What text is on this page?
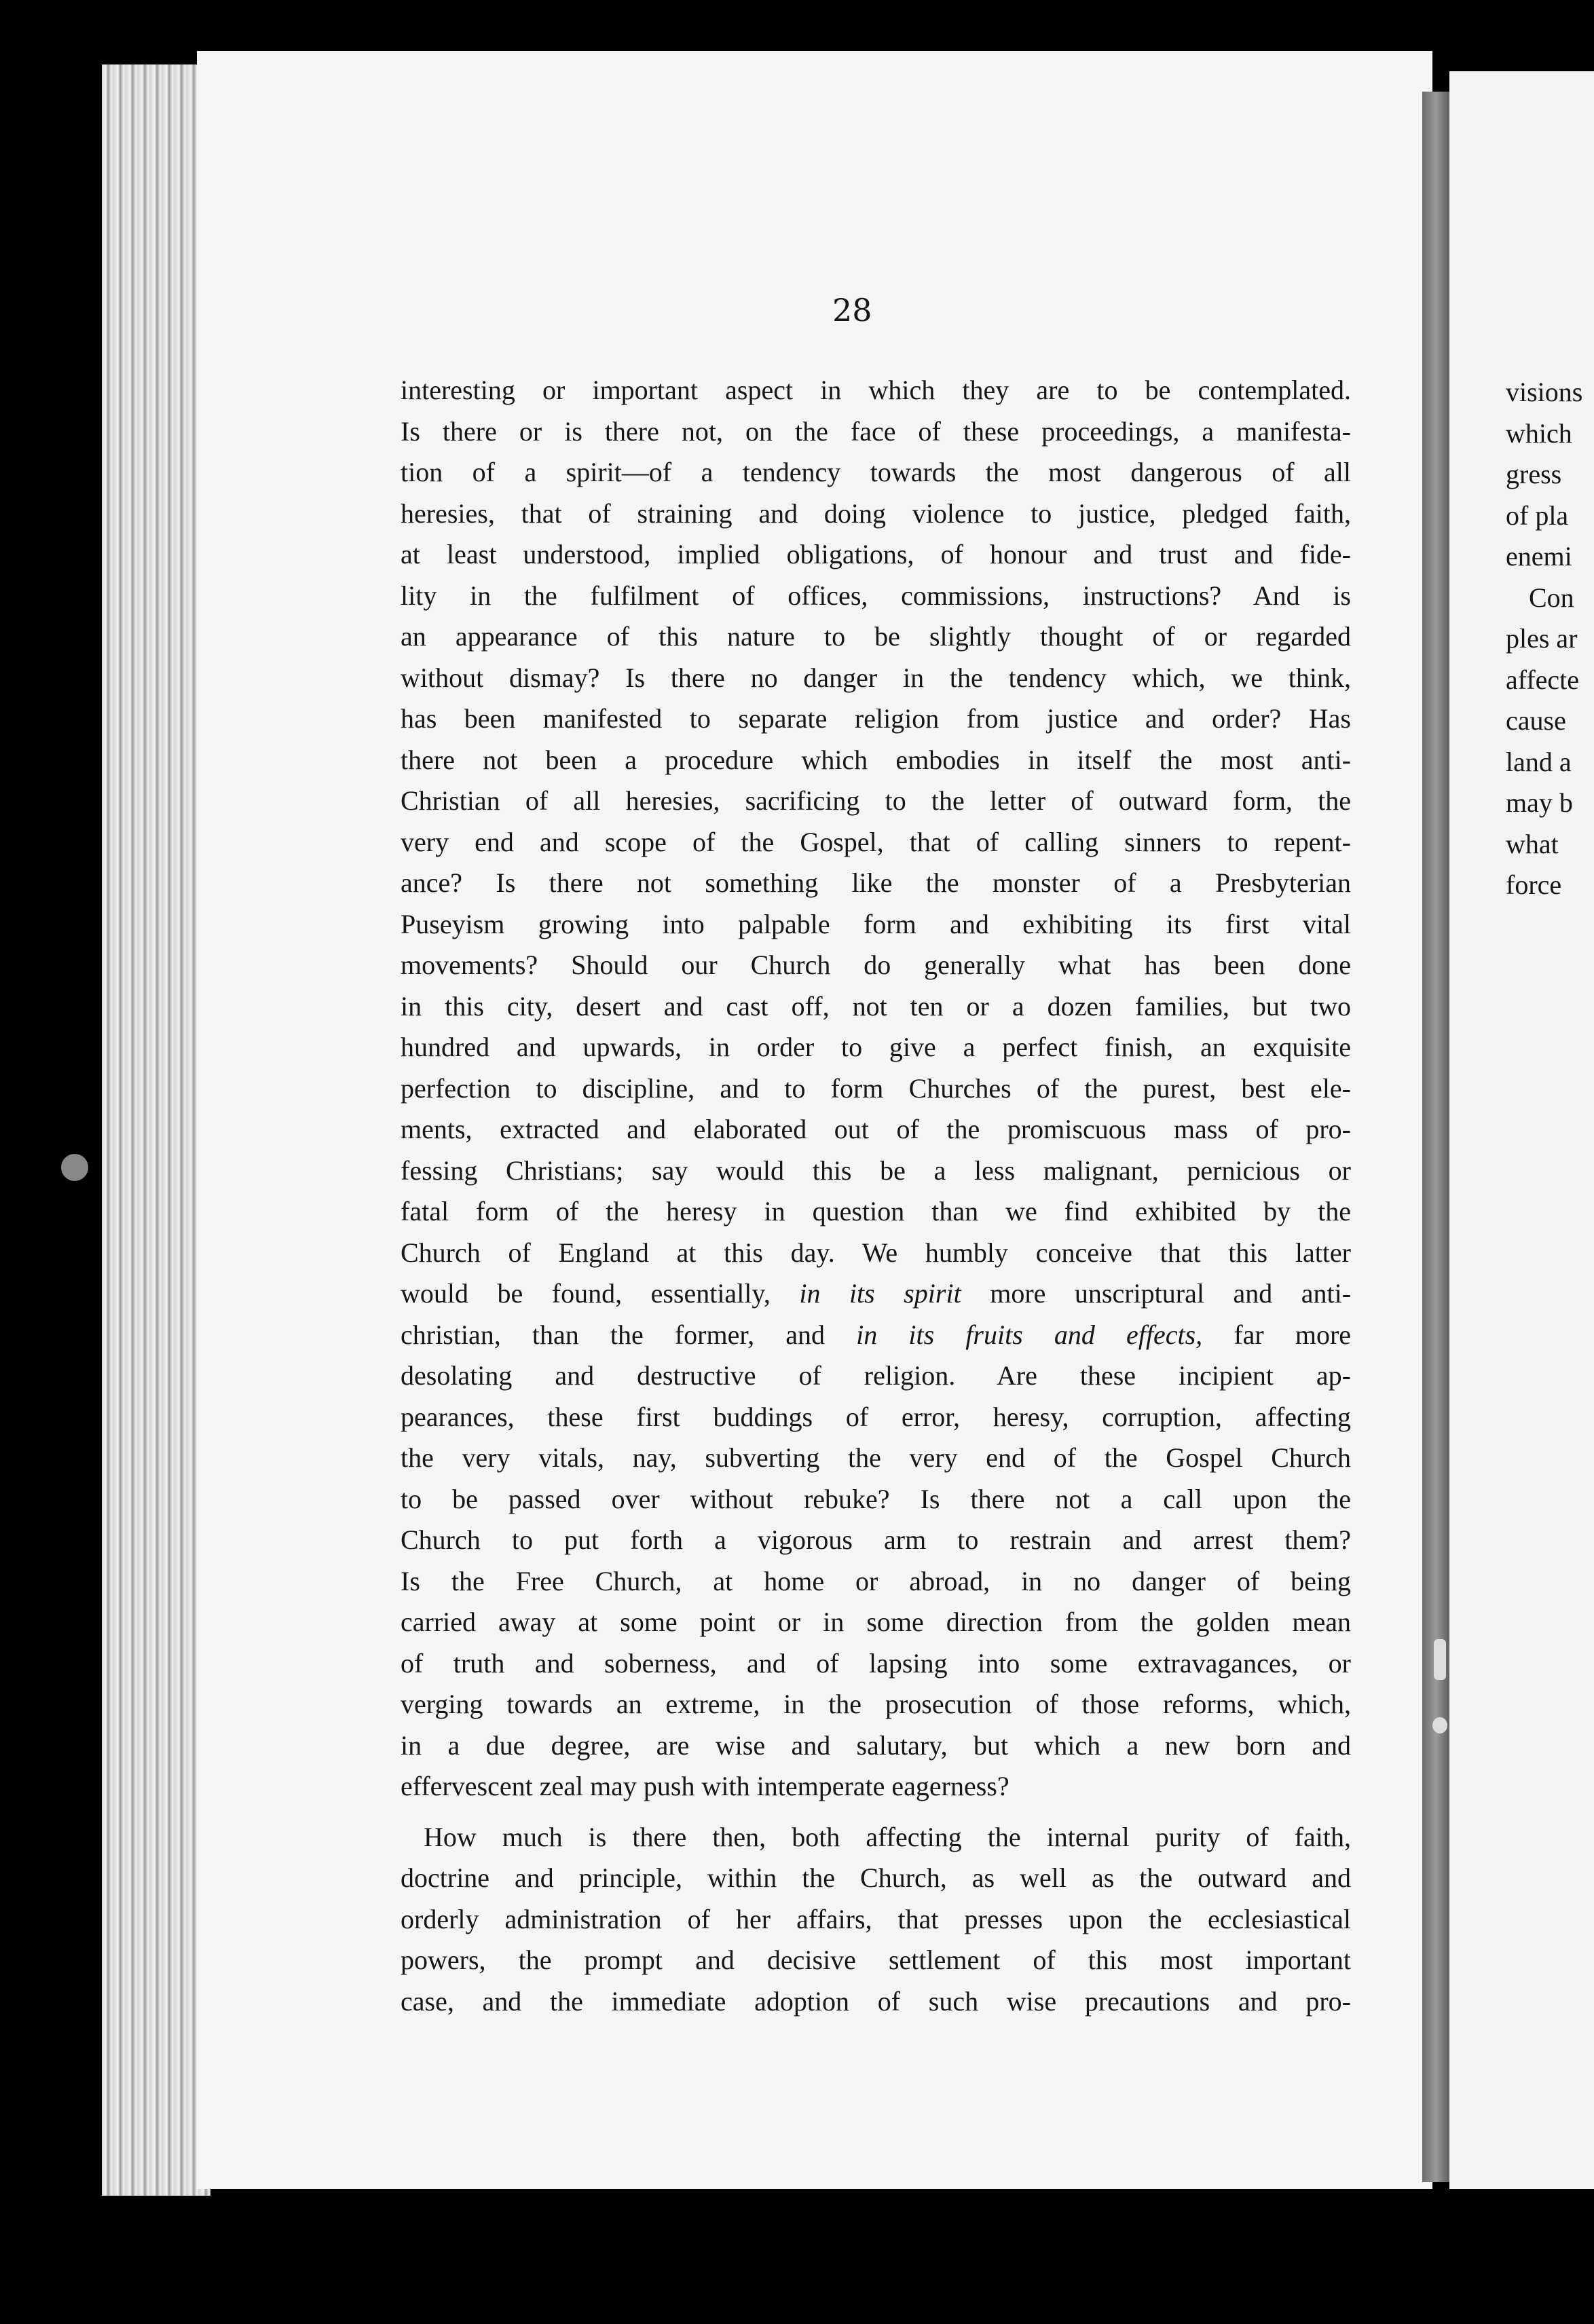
28
interesting or important aspect in which they are to be contemplated.
Is there or is there not, on the face of these proceedings, a manifesta-
tion of a spirit—of a tendency towards the most dangerous of all
heresies, that of straining and doing violence to justice, pledged faith,
at least understood, implied obligations, of honour and trust and fide-
lity in the fulfilment of offices, commissions, instructions? And is
an appearance of this nature to be slightly thought of or regarded
without dismay? Is there no danger in the tendency which, we think,
has been manifested to separate religion from justice and order? Has
there not been a procedure which embodies in itself the most anti-
Christian of all heresies, sacrificing to the letter of outward form, the
very end and scope of the Gospel, that of calling sinners to repent-
ance? Is there not something like the monster of a Presbyterian
Puseyism growing into palpable form and exhibiting its first vital
movements? Should our Church do generally what has been done
in this city, desert and cast off, not ten or a dozen families, but two
hundred and upwards, in order to give a perfect finish, an exquisite
perfection to discipline, and to form Churches of the purest, best ele-
ments, extracted and elaborated out of the promiscuous mass of pro-
fessing Christians; say would this be a less malignant, pernicious or
fatal form of the heresy in question than we find exhibited by the
Church of England at this day. We humbly conceive that this latter
would be found, essentially, in its spirit more unscriptural and anti-
christian, than the former, and in its fruits and effects, far more
desolating and destructive of religion. Are these incipient ap-
pearances, these first buddings of error, heresy, corruption, affecting
the very vitals, nay, subverting the very end of the Gospel Church
to be passed over without rebuke? Is there not a call upon the
Church to put forth a vigorous arm to restrain and arrest them?
Is the Free Church, at home or abroad, in no danger of being
carried away at some point or in some direction from the golden mean
of truth and soberness, and of lapsing into some extravagances, or
verging towards an extreme, in the prosecution of those reforms, which,
in a due degree, are wise and salutary, but which a new born and
effervescent zeal may push with intemperate eagerness?
How much is there then, both affecting the internal purity of faith,
doctrine and principle, within the Church, as well as the outward and
orderly administration of her affairs, that presses upon the ecclesiastical
powers, the prompt and decisive settlement of this most important
case, and the immediate adoption of such wise precautions and pro-
visions
which
gress
of pla
enemi
Con
ples ar
affecte
cause
land a
may b
what
force
